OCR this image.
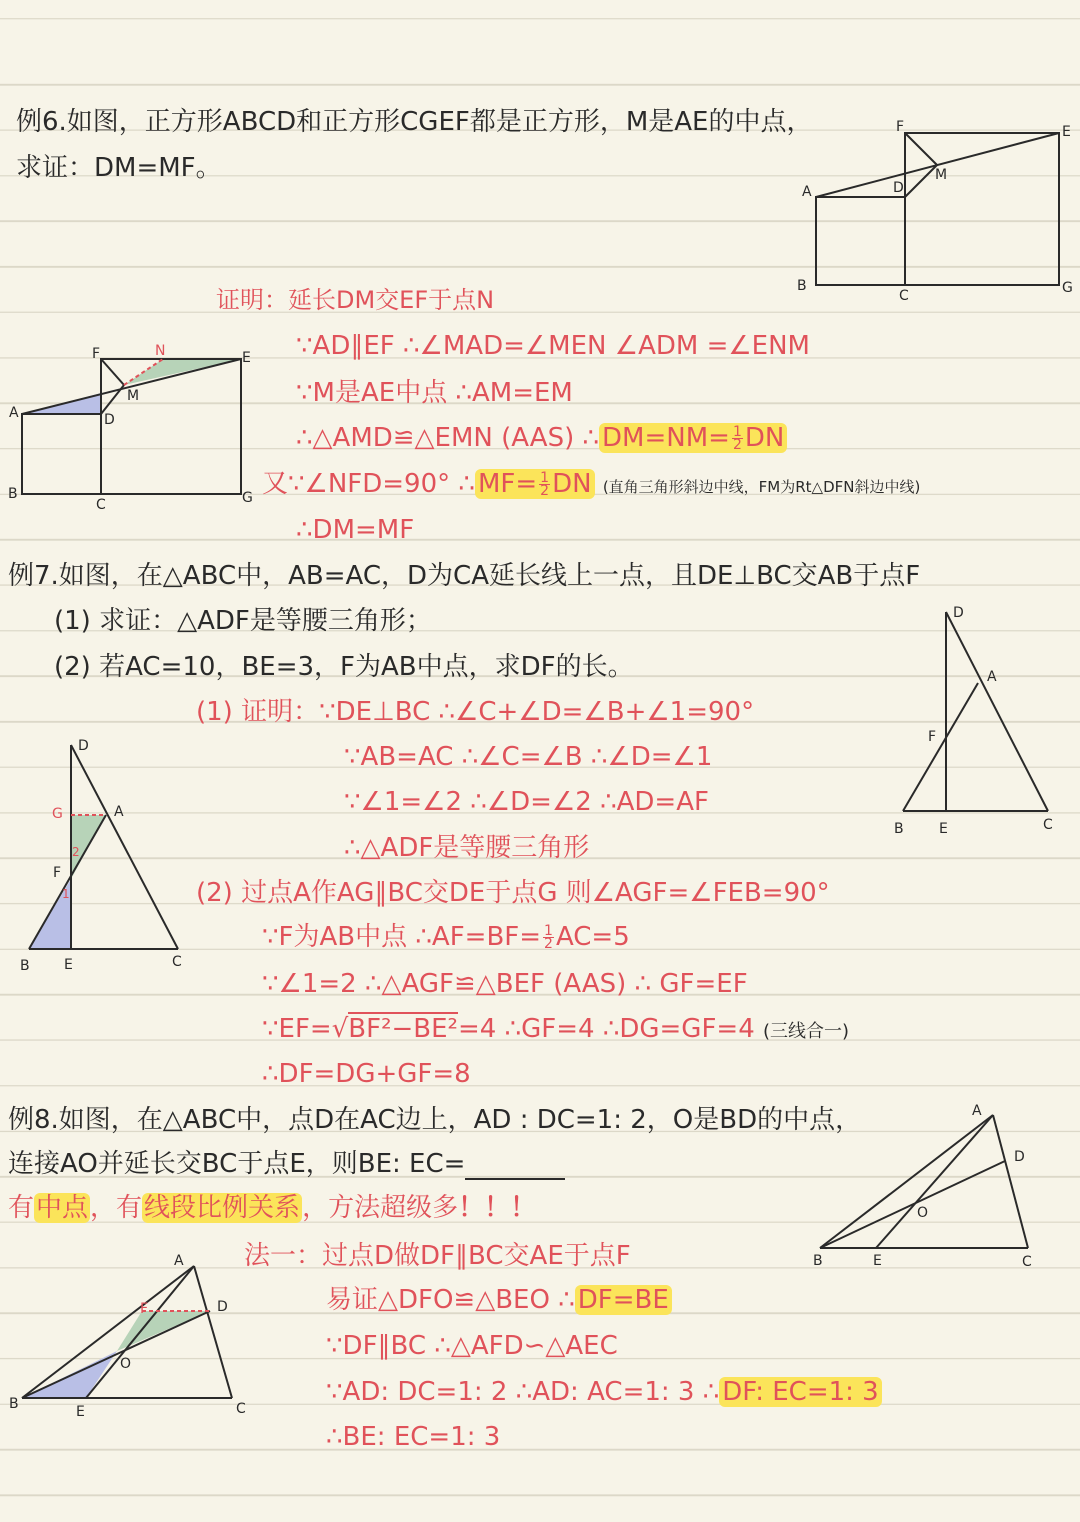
例6.如图，正方形ABCD和正方形CGEF都是正方形，M是AE的中点，
求证：DM=MF。
F	E
A	D
M
B
C	G
F	N	E
A	D
M
B
C	G
证明：延长DM交EF于点N
∵AD∥EF ∴∠MAD=∠MEN ∠ADM =∠ENM
∵M是AE中点 ∴AM=EM
∴△AMD≌△EMN (AAS) ∴ $DM=NM= \frac{1}{2}$ DN
又∵∠NFD=90° ∴ $MF= \frac{1}{2}$ DN (直角三角形斜边中线，FM为Rt△DFN斜边中线)
∴DM=MF
例7.如图，在△ABC中，AB=AC，D为CA延长线上一点，且DE⊥BC交AB于点F
(1) 求证：△ADF是等腰三角形；
(2) 若AC=10，BE=3，F为AB中点，求DF的长。
D
A
F
B	E	C
D
A
G
2
F
1
B E	C
(1) 证明：∵DE⊥BC ∴∠C+∠D=∠B+∠1=90°
∵AB=AC ∴∠C=∠B ∴∠D=∠1
∵∠1=∠2 ∴∠D=∠2 ∴AD=AF
∴△ADF是等腰三角形
(2) 过点A作AG∥BC交DE于点G 则∠AGF=∠FEB=90°
∵F为AB中点 ∴AF=BF= $\frac{1}{2} AC=5$
∵∠1=2 ∴△AGF≌△BEF (AAS) ∴ GF=EF
∵EF=√BF²−BE²=4 ∴GF=4 ∴DG=GF=4 (三线合一)
∴DF=DG+GF=8
例8.如图，在△ABC中，点D在AC边上，AD : DC=1: 2，O是BD的中点，
连接AO并延长交BC于点E，则BE: EC=
有中点，有线段比例关系，方法超级多！！！
A
D
O
B	E	C
A
D
F
O
B	E	C
法一：过点D做DF∥BC交AE于点F
易证△DFO≌△BEO ∴ DF=BE
∵DF∥BC ∴△AFD∽△AEC
∵AD: DC=1: 2 ∴AD: AC=1: 3 ∴ DF: EC=1: 3
∴BE: EC=1: 3
